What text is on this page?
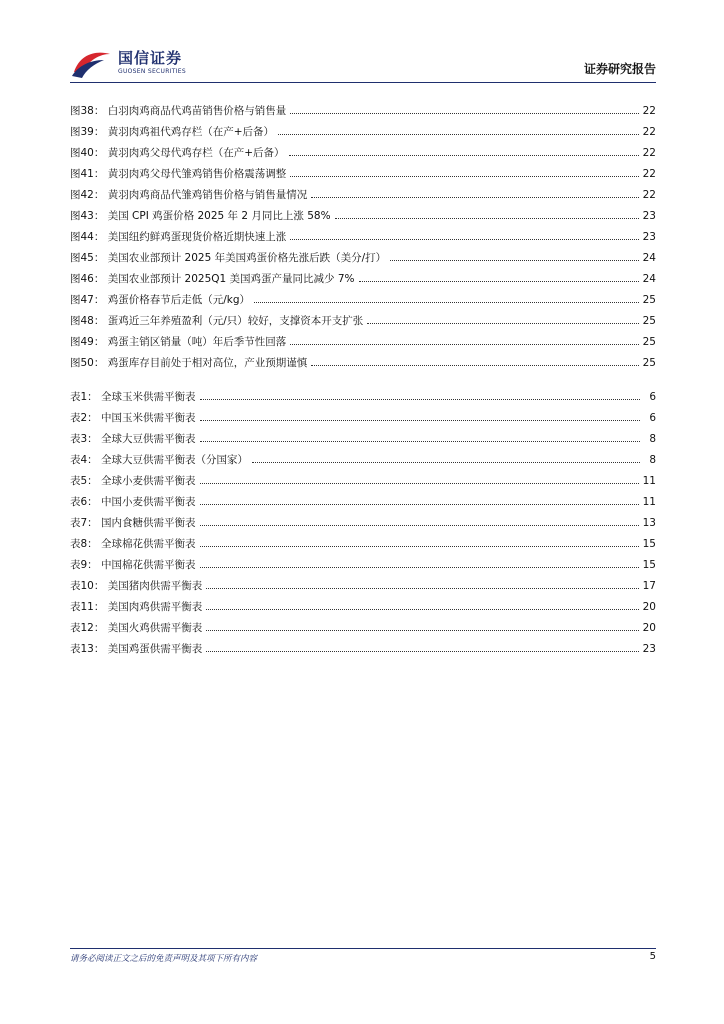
国信证券
GUOSEN SECURITIES	证券研究报告
图38： 白羽肉鸡商品代鸡苗销售价格与销售量	22
图39： 黄羽肉鸡祖代鸡存栏（在产+后备）	22
图40： 黄羽肉鸡父母代鸡存栏（在产+后备）	22
图41： 黄羽肉鸡父母代雏鸡销售价格震荡调整	22
图42： 黄羽肉鸡商品代雏鸡销售价格与销售量情况	22
图43： 美国 CPI 鸡蛋价格 2025 年 2 月同比上涨 58%	23
图44： 美国纽约鲜鸡蛋现货价格近期快速上涨	23
图45： 美国农业部预计 2025 年美国鸡蛋价格先涨后跌（美分/打）	24
图46： 美国农业部预计 2025Q1 美国鸡蛋产量同比减少 7%	24
图47： 鸡蛋价格春节后走低（元/kg）	25
图48： 蛋鸡近三年养殖盈利（元/只）较好，支撑资本开支扩张	25
图49： 鸡蛋主销区销量（吨）年后季节性回落	25
图50： 鸡蛋库存目前处于相对高位，产业预期谨慎	25
表1： 全球玉米供需平衡表	6
表2： 中国玉米供需平衡表	6
表3： 全球大豆供需平衡表	8
表4： 全球大豆供需平衡表（分国家）	8
表5： 全球小麦供需平衡表	11
表6： 中国小麦供需平衡表	11
表7： 国内食糖供需平衡表	13
表8： 全球棉花供需平衡表	15
表9： 中国棉花供需平衡表	15
表10： 美国猪肉供需平衡表	17
表11： 美国肉鸡供需平衡表	20
表12： 美国火鸡供需平衡表	20
表13： 美国鸡蛋供需平衡表	23
请务必阅读正文之后的免责声明及其项下所有内容	5
